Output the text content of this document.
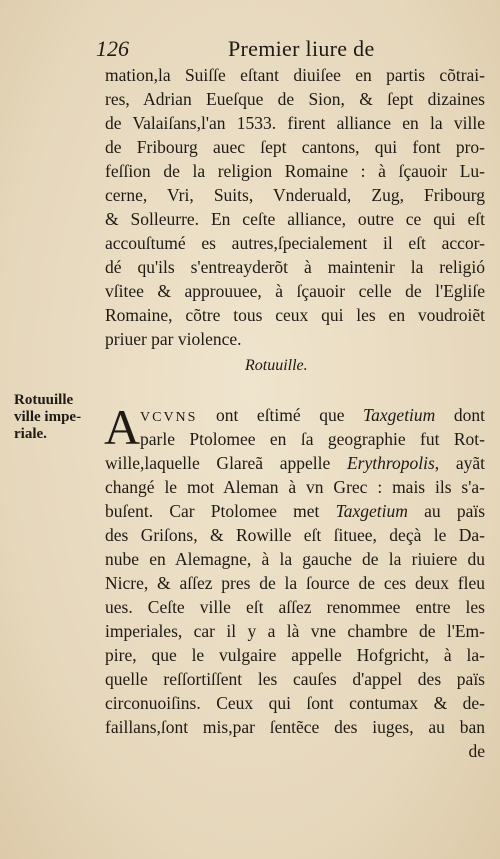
126	Premier liure de
mation,la Suiſſe eſtant diuiſee en partis cõtrai-
res, Adrian Eueſque de Sion, & ſept dizaines
de Valaiſans,l'an 1533. firent alliance en la ville
de Fribourg auec ſept cantons, qui font pro-
feſſion de la religion Romaine : à ſçauoir Lu-
cerne, Vri, Suits, Vnderuald, Zug, Fribourg
& Solleurre. En ceſte alliance, outre ce qui eſt
accouſtumé es autres,ſpecialement il eſt accor-
dé qu'ils s'entreayderõt à maintenir la religió
vſitee & approuuee, à ſçauoir celle de l'Egliſe
Romaine, cõtre tous ceux qui les en voudroiẽt
priuer par violence.
Rotuuille.
Rotuuille
ville impe-
riale.	A VCVNS ont eſtimé que Taxgetium dont
parle Ptolomee en ſa geographie fut Rot-
wille,laquelle Glareã appelle Erythropolis, ayãt
changé le mot Aleman à vn Grec : mais ils s'a-
buſent. Car Ptolomee met Taxgetium au païs
des Griſons, & Rowille eſt ſituee, deçà le Da-
nube en Alemagne, à la gauche de la riuiere du
Nicre, & aſſez pres de la ſource de ces deux fleu
ues. Ceſte ville eſt aſſez renommee entre les
imperiales, car il y a là vne chambre de l'Em-
pire, que le vulgaire appelle Hofgricht, à la-
quelle reſſortiſſent les cauſes d'appel des païs
circonuoiſins. Ceux qui ſont contumax & de-
faillans,ſont mis,par ſentẽce des iuges, au ban
de
